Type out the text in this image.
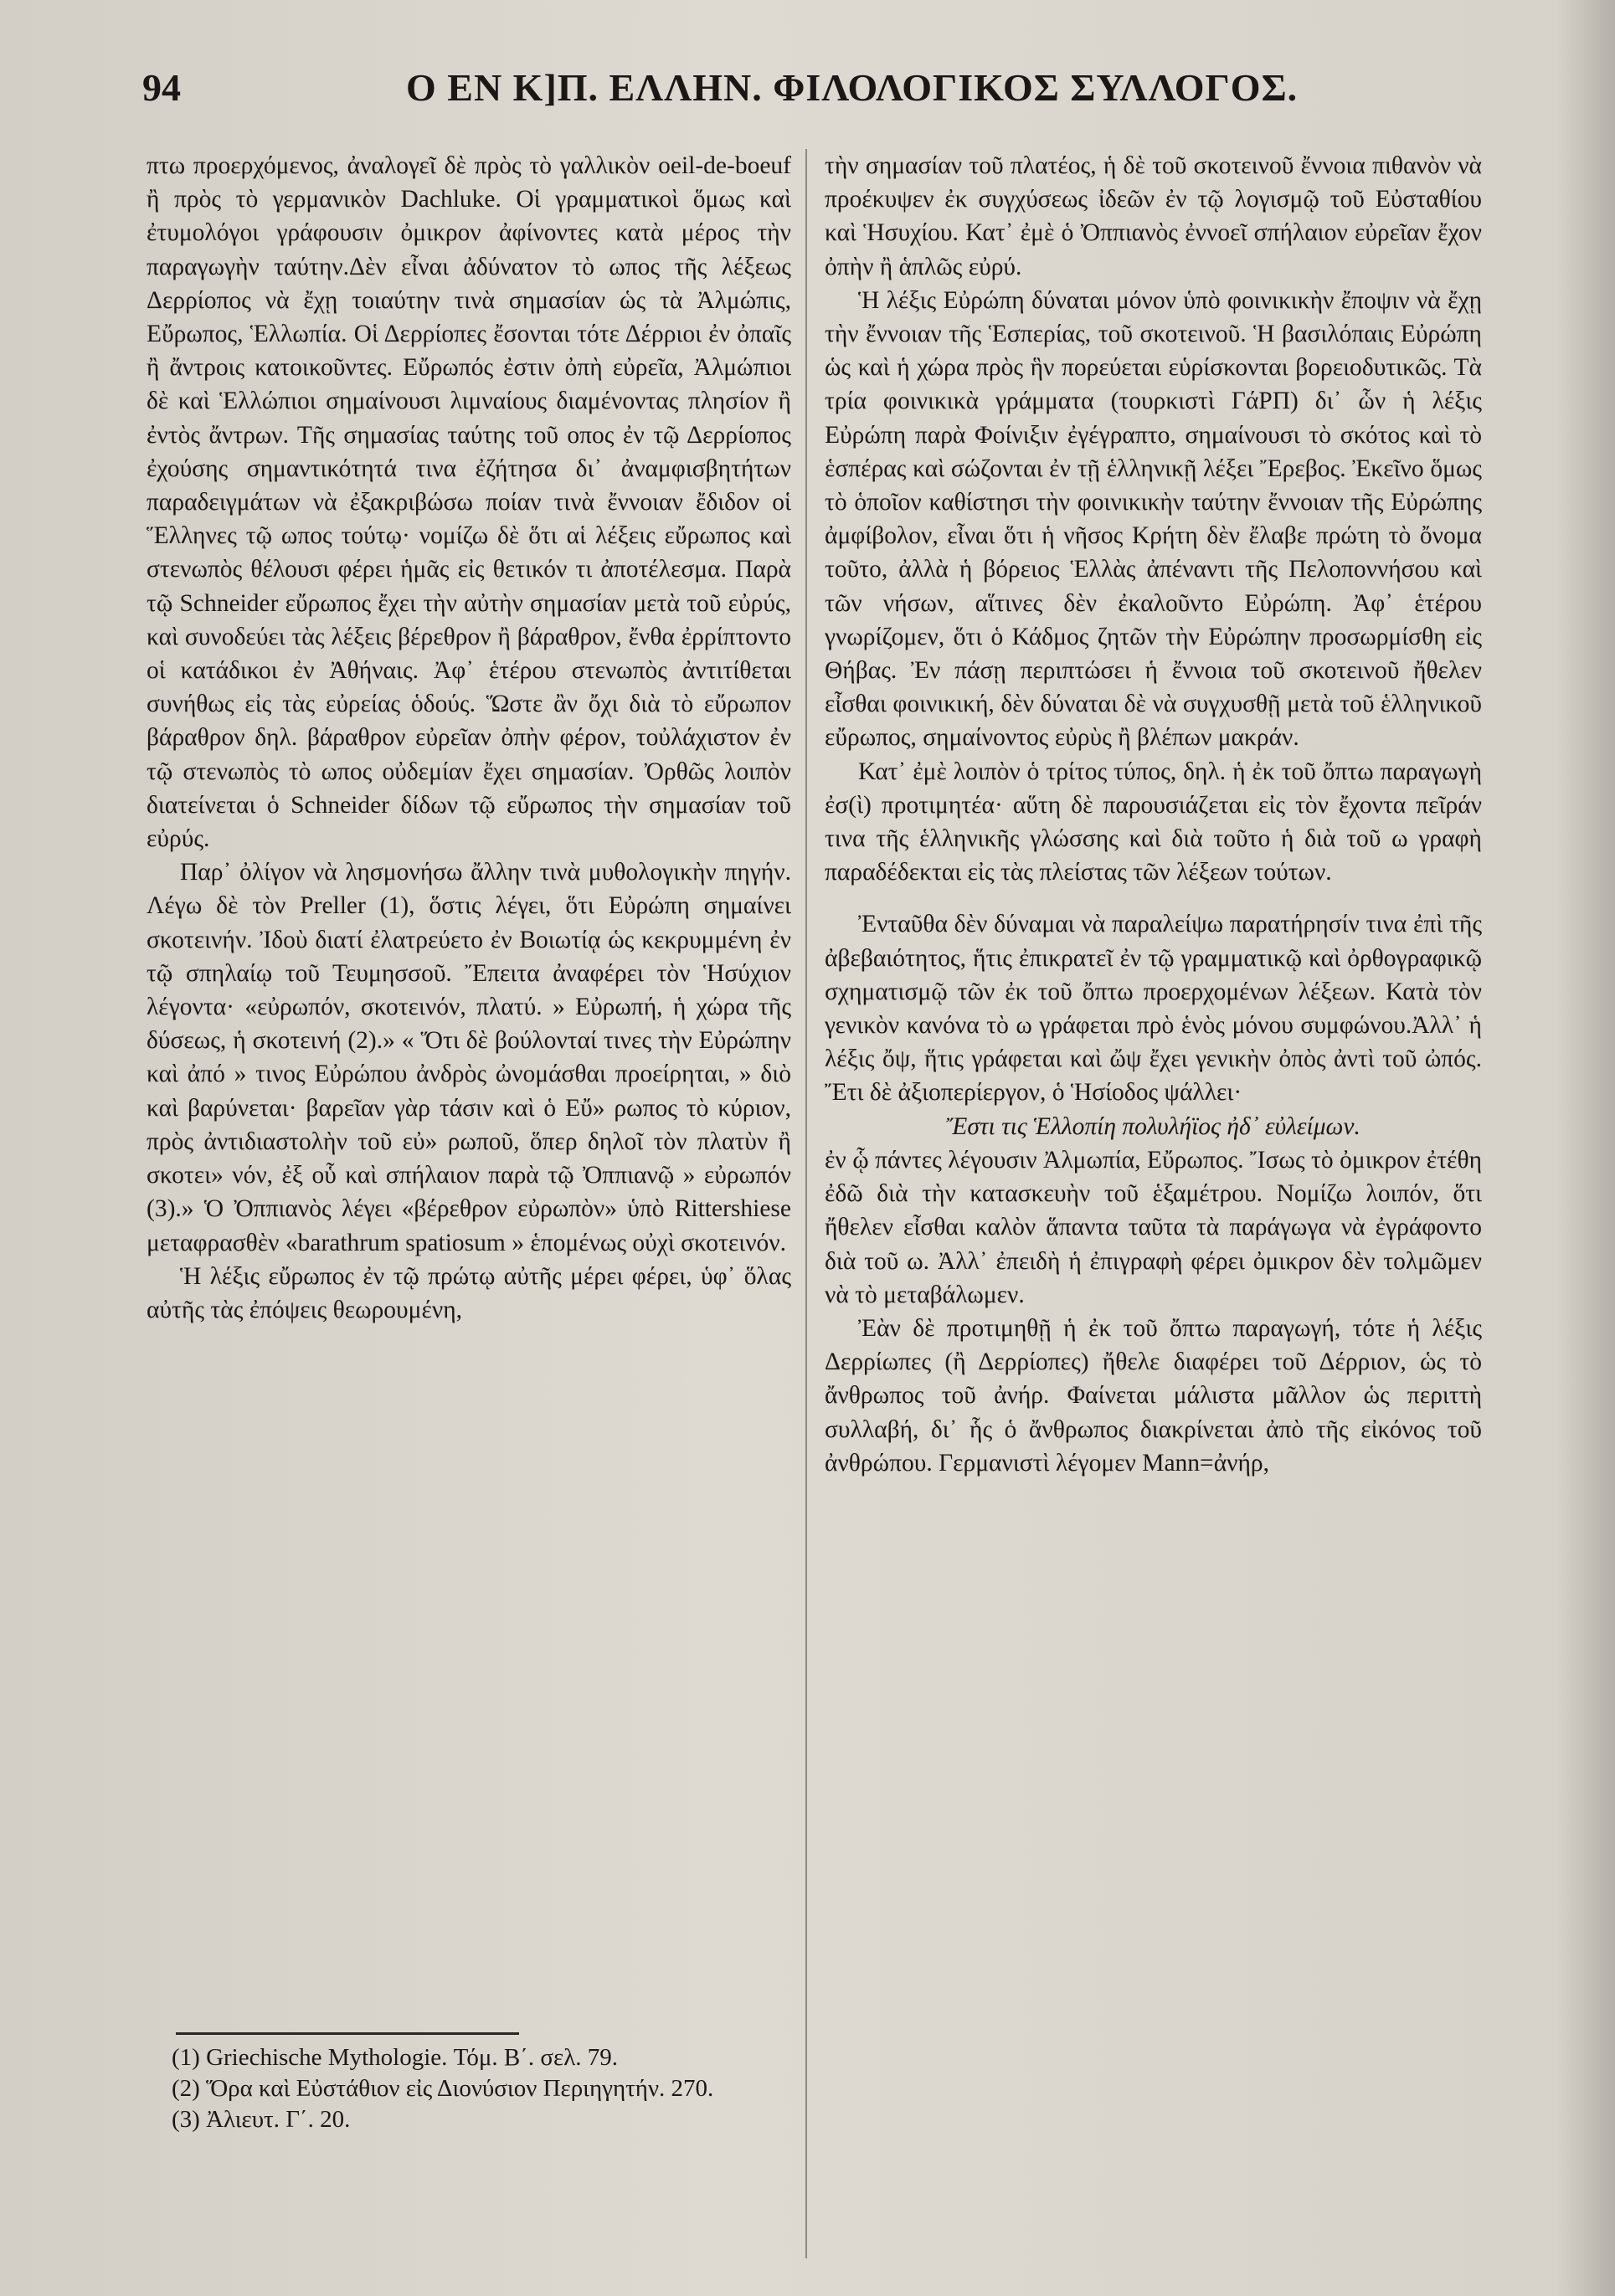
94	Ο ΕΝ Κ]Π. ΕΛΛΗΝ. ΦΙΛΟΛΟΓΙΚΟΣ ΣΥΛΛΟΓΟΣ.

πτω προερχόμενος, ἀναλογεῖ δὲ πρὸς τὸ γαλλικὸν oeil-de-boeuf ἢ πρὸς τὸ γερμανικὸν Dachluke. Οἱ γραμματικοὶ ὅμως καὶ ἐτυμολόγοι γράφουσιν ὀμικρον ἀφίνοντες κατὰ μέρος τὴν παραγωγὴν ταύτην.Δὲν εἶναι ἀδύνατον τὸ ωπος τῆς λέξεως Δερρίοπος νὰ ἔχῃ τοιαύτην τινὰ σημασίαν ὡς τὰ Ἀλμώπις, Εὔρωπος, Ἑλλωπία. Οἱ Δερρίοπες ἔσονται τότε Δέρριοι ἐν ὀπαῖς ἢ ἄντροις κατοικοῦντες. Εὔρωπός ἐστιν ὀπὴ εὐρεῖα, Ἀλμώπιοι δὲ καὶ Ἑλλώπιοι σημαίνουσι λιμναίους διαμένοντας πλησίον ἢ ἐντὸς ἄντρων. Τῆς σημασίας ταύτης τοῦ οπος ἐν τῷ Δερρίοπος ἐχούσης σημαντικότητά τινα ἐζήτησα δι᾽ ἀναμφισβητήτων παραδειγμάτων νὰ ἐξακριβώσω ποίαν τινὰ ἔννοιαν ἔδιδον οἱ Ἕλληνες τῷ ωπος τούτῳ· νομίζω δὲ ὅτι αἱ λέξεις εὔρωπος καὶ στενωπὸς θέλουσι φέρει ἡμᾶς εἰς θετικόν τι ἀποτέλεσμα. Παρὰ τῷ Schneider εὔρωπος ἔχει τὴν αὐτὴν σημασίαν μετὰ τοῦ εὐρύς, καὶ συνοδεύει τὰς λέξεις βέρεθρον ἢ βάραθρον, ἔνθα ἐρρίπτοντο οἱ κατάδικοι ἐν Ἀθήναις. Ἀφ᾽ ἑτέρου στενωπὸς ἀντιτίθεται συνήθως εἰς τὰς εὐρείας ὁδούς. Ὥστε ἂν ὄχι διὰ τὸ εὔρωπον βάραθρον δηλ. βάραθρον εὐρεῖαν ὀπὴν φέρον, τοὐλάχιστον ἐν τῷ στενωπὸς τὸ ωπος οὐδεμίαν ἔχει σημασίαν. Ὀρθῶς λοιπὸν διατείνεται ὁ Schneider δίδων τῷ εὔρωπος τὴν σημασίαν τοῦ εὐρύς.

Παρ᾽ ὀλίγον νὰ λησμονήσω ἄλλην τινὰ μυθολογικὴν πηγήν. Λέγω δὲ τὸν Preller (1), ὅστις λέγει, ὅτι Εὐρώπη σημαίνει σκοτεινήν. Ἰδοὺ διατί ἐλατρεύετο ἐν Βοιωτίᾳ ὡς κεκρυμμένη ἐν τῷ σπηλαίῳ τοῦ Τευμησσοῦ. Ἔπειτα ἀναφέρει τὸν Ἡσύχιον λέγοντα· «εὐρωπόν, σκοτεινόν, πλατύ. » Εὐρωπή, ἡ χώρα τῆς δύσεως, ἡ σκοτεινή (2).» « Ὅτι δὲ βούλονταί τινες τὴν Εὐρώπην καὶ ἀπό » τινος Εὐρώπου ἀνδρὸς ὠνομάσθαι προείρηται, » διὸ καὶ βαρύνεται· βαρεῖαν γὰρ τάσιν καὶ ὁ Εὔ» ρωπος τὸ κύριον, πρὸς ἀντιδιαστολὴν τοῦ εὐ» ρωποῦ, ὅπερ δηλοῖ τὸν πλατὺν ἢ σκοτει» νόν, ἐξ οὗ καὶ σπήλαιον παρὰ τῷ Ὀππιανῷ » εὐρωπόν (3).» Ὁ Ὀππιανὸς λέγει «βέρεθρον εὐρωπὸν» ὑπὸ Rittershiese μεταφρασθὲν «barathrum spatiosum » ἑπομένως οὐχὶ σκοτεινόν.

Ἡ λέξις εὔρωπος ἐν τῷ πρώτῳ αὐτῆς μέρει φέρει, ὑφ᾽ ὅλας αὐτῆς τὰς ἐπόψεις θεωρουμένη,

(1) Griechische Mythologie. Τόμ. Β΄. σελ. 79.

(2) Ὅρα καὶ Εὐστάθιον εἰς Διονύσιον Περιηγητήν. 270.

(3) Ἀλιευτ. Γ΄. 20.

τὴν σημασίαν τοῦ πλατέος, ἡ δὲ τοῦ σκοτεινοῦ ἔννοια πιθανὸν νὰ προέκυψεν ἐκ συγχύσεως ἰδεῶν ἐν τῷ λογισμῷ τοῦ Εὐσταθίου καὶ Ἡσυχίου. Κατ᾽ ἐμὲ ὁ Ὀππιανὸς ἐννοεῖ σπήλαιον εὐρεῖαν ἔχον ὀπὴν ἢ ἁπλῶς εὐρύ.

Ἡ λέξις Εὐρώπη δύναται μόνον ὑπὸ φοινικικὴν ἔποψιν νὰ ἔχῃ τὴν ἔννοιαν τῆς Ἑσπερίας, τοῦ σκοτεινοῦ. Ἡ βασιλόπαις Εὐρώπη ὡς καὶ ἡ χώρα πρὸς ἣν πορεύεται εὑρίσκονται βορειοδυτικῶς. Τὰ τρία φοινικικὰ γράμματα (τουρκιστὶ ΓάΡΠ) δι᾽ ὧν ἡ λέξις Εὐρώπη παρὰ Φοίνιξιν ἐγέγραπτο, σημαίνουσι τὸ σκότος καὶ τὸ ἑσπέρας καὶ σώζονται ἐν τῇ ἑλληνικῇ λέξει Ἔρεβος. Ἐκεῖνο ὅμως τὸ ὁποῖον καθίστησι τὴν φοινικικὴν ταύτην ἔννοιαν τῆς Εὐρώπης ἀμφίβολον, εἶναι ὅτι ἡ νῆσος Κρήτη δὲν ἔλαβε πρώτη τὸ ὄνομα τοῦτο, ἀλλὰ ἡ βόρειος Ἑλλὰς ἀπέναντι τῆς Πελοποννήσου καὶ τῶν νήσων, αἵτινες δὲν ἐκαλοῦντο Εὐρώπη. Ἀφ᾽ ἑτέρου γνωρίζομεν, ὅτι ὁ Κάδμος ζητῶν τὴν Εὐρώπην προσωρμίσθη εἰς Θήβας. Ἐν πάσῃ περιπτώσει ἡ ἔννοια τοῦ σκοτεινοῦ ἤθελεν εἶσθαι φοινικική, δὲν δύναται δὲ νὰ συγχυσθῇ μετὰ τοῦ ἑλληνικοῦ εὔρωπος, σημαίνοντος εὐρὺς ἢ βλέπων μακράν.

Κατ᾽ ἐμὲ λοιπὸν ὁ τρίτος τύπος, δηλ. ἡ ἐκ τοῦ ὄπτω παραγωγὴ ἐσ(ὶ) προτιμητέα· αὕτη δὲ παρουσιάζεται εἰς τὸν ἔχοντα πεῖράν τινα τῆς ἑλληνικῆς γλώσσης καὶ διὰ τοῦτο ἡ διὰ τοῦ ω γραφὴ παραδέδεκται εἰς τὰς πλείστας τῶν λέξεων τούτων.

Ἐνταῦθα δὲν δύναμαι νὰ παραλείψω παρατήρησίν τινα ἐπὶ τῆς ἀβεβαιότητος, ἥτις ἐπικρατεῖ ἐν τῷ γραμματικῷ καὶ ὀρθογραφικῷ σχηματισμῷ τῶν ἐκ τοῦ ὄπτω προερχομένων λέξεων. Κατὰ τὸν γενικὸν κανόνα τὸ ω γράφεται πρὸ ἑνὸς μόνου συμφώνου.Ἀλλ᾽ ἡ λέξις ὄψ, ἥτις γράφεται καὶ ὤψ ἔχει γενικὴν ὀπὸς ἀντὶ τοῦ ὠπός. Ἔτι δὲ ἀξιοπερίεργον, ὁ Ἡσίοδος ψάλλει·

Ἔστι τις Ἑλλοπίη πολυλήϊος ἠδ᾽ εὐλείμων.

ἐν ᾧ πάντες λέγουσιν Ἀλμωπία, Εὔρωπος. Ἴσως τὸ ὀμικρον ἐτέθη ἐδῶ διὰ τὴν κατασκευὴν τοῦ ἑξαμέτρου. Νομίζω λοιπόν, ὅτι ἤθελεν εἶσθαι καλὸν ἅπαντα ταῦτα τὰ παράγωγα νὰ ἐγράφοντο διὰ τοῦ ω. Ἀλλ᾽ ἐπειδὴ ἡ ἐπιγραφὴ φέρει ὀμικρον δὲν τολμῶμεν νὰ τὸ μεταβάλωμεν.

Ἐὰν δὲ προτιμηθῇ ἡ ἐκ τοῦ ὄπτω παραγωγή, τότε ἡ λέξις Δερρίωπες (ἢ Δερρίοπες) ἤθελε διαφέρει τοῦ Δέρριον, ὡς τὸ ἄνθρωπος τοῦ ἀνήρ. Φαίνεται μάλιστα μᾶλλον ὡς περιττὴ συλλαβή, δι᾽ ἧς ὁ ἄνθρωπος διακρίνεται ἀπὸ τῆς εἰκόνος τοῦ ἀνθρώπου. Γερμανιστὶ λέγομεν Mann=ἀνήρ,
